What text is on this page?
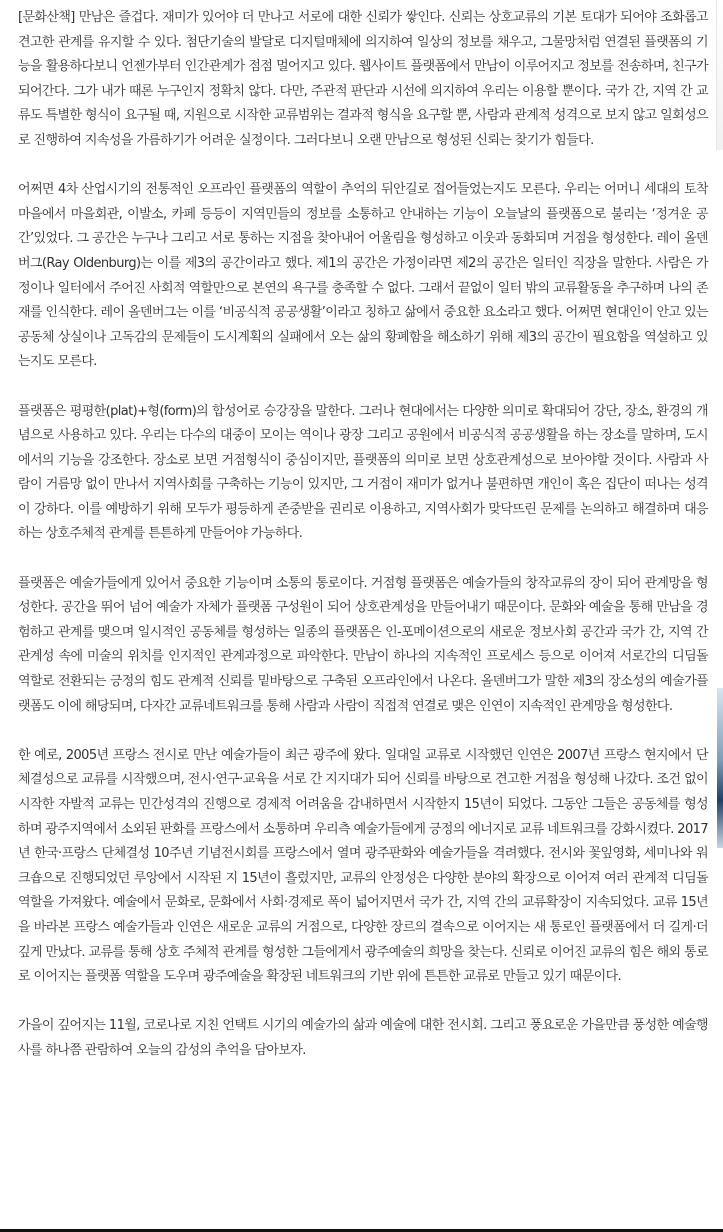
[문화산책] 만남은 즐겁다. 재미가 있어야 더 만나고 서로에 대한 신뢰가 쌓인다. 신뢰는 상호교류의 기본 토대가 되어야 조화롭고 견고한 관계를 유지할 수 있다. 첨단기술의 발달로 디지털매체에 의지하여 일상의 정보를 채우고, 그물망처럼 연결된 플랫폼의 기능을 활용하다보니 언젠가부터 인간관계가 점점 멀어지고 있다. 웹사이트 플랫폼에서 만남이 이루어지고 정보를 전송하며, 친구가 되어간다. 그가 내가 때론 누구인지 정확치 않다. 다만, 주관적 판단과 시선에 의지하여 우리는 이용할 뿐이다. 국가 간, 지역 간 교류도 특별한 형식이 요구될 때, 지원으로 시작한 교류범위는 결과적 형식을 요구할 뿐, 사람과 관계적 성격으로 보지 않고 일회성으로 진행하여 지속성을 가름하기가 어려운 실정이다. 그러다보니 오랜 만남으로 형성된 신뢰는 찾기가 힘들다.

어쩌면 4차 산업시기의 전통적인 오프라인 플랫폼의 역할이 추억의 뒤안길로 접어들었는지도 모른다. 우리는 어머니 세대의 토착마을에서 마을회관, 이발소, 카페 등등이 지역민들의 정보를 소통하고 안내하는 기능이 오늘날의 플랫폼으로 불리는 ‘정겨운 공간’있었다. 그 공간은 누구나 그리고 서로 통하는 지점을 찾아내어 어울림을 형성하고 이웃과 동화되며 거점을 형성한다. 레이 올덴버그(Ray Oldenburg)는 이를 제3의 공간이라고 했다. 제1의 공간은 가정이라면 제2의 공간은 일터인 직장을 말한다. 사람은 가정이나 일터에서 주어진 사회적 역할만으로 본연의 욕구를 충족할 수 없다. 그래서 끝없이 일터 밖의 교류활동을 추구하며 나의 존재를 인식한다. 레이 올덴버그는 이를 ‘비공식적 공공생활’이라고 칭하고 삶에서 중요한 요소라고 했다. 어쩌면 현대인이 안고 있는 공동체 상실이나 고독감의 문제들이 도시계획의 실패에서 오는 삶의 황폐함을 해소하기 위해 제3의 공간이 필요함을 역설하고 있는지도 모른다.

플랫폼은 평평한(plat)+형(form)의 합성어로 승강장을 말한다. 그러나 현대에서는 다양한 의미로 확대되어 강단, 장소, 환경의 개념으로 사용하고 있다. 우리는 다수의 대중이 모이는 역이나 광장 그리고 공원에서 비공식적 공공생활을 하는 장소를 말하며, 도시에서의 기능을 강조한다. 장소로 보면 거점형식이 중심이지만, 플랫폼의 의미로 보면 상호관계성으로 보아야할 것이다. 사람과 사람이 거름망 없이 만나서 지역사회를 구축하는 기능이 있지만, 그 거점이 재미가 없거나 불편하면 개인이 혹은 집단이 떠나는 성격이 강하다. 이를 예방하기 위해 모두가 평등하게 존중받을 권리로 이용하고, 지역사회가 맞닥뜨린 문제를 논의하고 해결하며 대응하는 상호주체적 관계를 튼튼하게 만들어야 가능하다.

플랫폼은 예술가들에게 있어서 중요한 기능이며 소통의 통로이다. 거점형 플랫폼은 예술가들의 창작교류의 장이 되어 관계망을 형성한다. 공간을 뛰어 넘어 예술가 자체가 플랫폼 구성원이 되어 상호관계성을 만들어내기 때문이다. 문화와 예술을 통해 만남을 경험하고 관계를 맺으며 일시적인 공동체를 형성하는 일종의 플랫폼은 인-포메이션으로의 새로운 정보사회 공간과 국가 간, 지역 간 관계성 속에 미술의 위치를 인지적인 관계과정으로 파악한다. 만남이 하나의 지속적인 프로세스 등으로 이어져 서로간의 디딤돌 역할로 전환되는 긍정의 힘도 관계적 신뢰를 밑바탕으로 구축된 오프라인에서 나온다. 올덴버그가 말한 제3의 장소성의 예술가플랫폼도 이에 해당되며, 다자간 교류네트워크를 통해 사람과 사람이 직접적 연결로 맺은 인연이 지속적인 관계망을 형성한다.

한 예로, 2005년 프랑스 전시로 만난 예술가들이 최근 광주에 왔다. 일대일 교류로 시작했던 인연은 2007년 프랑스 현지에서 단체결성으로 교류를 시작했으며, 전시·연구·교육을 서로 간 지지대가 되어 신뢰를 바탕으로 견고한 거점을 형성해 나갔다. 조건 없이 시작한 자발적 교류는 민간성격의 진행으로 경제적 어려움을 감내하면서 시작한지 15년이 되었다. 그동안 그들은 공동체를 형성하며 광주지역에서 소외된 판화를 프랑스에서 소통하며 우리측 예술가들에게 긍정의 에너지로 교류 네트워크를 강화시켰다. 2017년 한국·프랑스 단체결성 10주년 기념전시회를 프랑스에서 열며 광주판화와 예술가들을 격려했다. 전시와 꽃잎영화, 세미나와 워크숍으로 진행되었던 루앙에서 시작된 지 15년이 흘렀지만, 교류의 안정성은 다양한 분야의 확장으로 이어져 여러 관계적 디딤돌 역할을 가져왔다. 예술에서 문화로, 문화에서 사회·경제로 폭이 넓어지면서 국가 간, 지역 간의 교류확장이 지속되었다. 교류 15년을 바라본 프랑스 예술가들과 인연은 새로운 교류의 거점으로, 다양한 장르의 결속으로 이어지는 새 통로인 플랫폼에서 더 길게·더 깊게 만났다. 교류를 통해 상호 주체적 관계를 형성한 그들에게서 광주예술의 희망을 찾는다. 신뢰로 이어진 교류의 힘은 해외 통로로 이어지는 플랫폼 역할을 도우며 광주예술을 확장된 네트워크의 기반 위에 튼튼한 교류로 만들고 있기 때문이다.

가을이 깊어지는 11월, 코로나로 지친 언택트 시기의 예술가의 삶과 예술에 대한 전시회. 그리고 풍요로운 가을만큼 풍성한 예술행사를 하나쯤 관람하여 오늘의 감성의 추억을 담아보자.
